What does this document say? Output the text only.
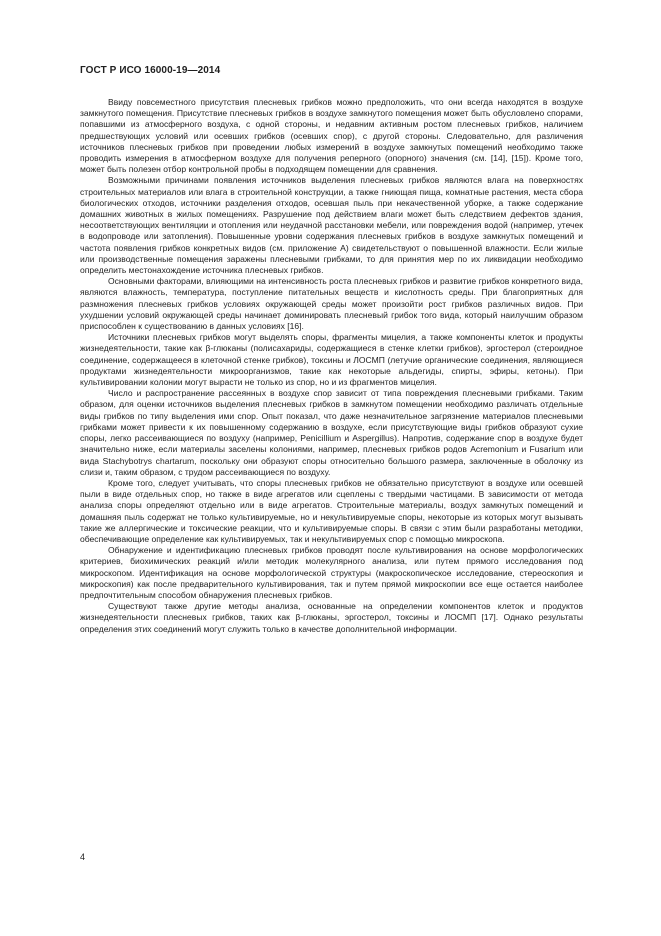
ГОСТ Р ИСО 16000-19—2014

Ввиду повсеместного присутствия плесневых грибков можно предположить, что они всегда находятся в воздухе замкнутого помещения. Присутствие плесневых грибков в воздухе замкнутого помещения может быть обусловлено спорами, попавшими из атмосферного воздуха, с одной стороны, и недавним активным ростом плесневых грибков, наличием предшествующих условий или осевших грибков (осевших спор), с другой стороны. Следовательно, для различения источников плесневых грибков при проведении любых измерений в воздухе замкнутых помещений необходимо также проводить измерения в атмосферном воздухе для получения реперного (опорного) значения (см. [14], [15]). Кроме того, может быть полезен отбор контрольной пробы в подходящем помещении для сравнения.

Возможными причинами появления источников выделения плесневых грибков являются влага на поверхностях строительных материалов или влага в строительной конструкции, а также гниющая пища, комнатные растения, места сбора биологических отходов, источники разделения отходов, осевшая пыль при некачественной уборке, а также содержание домашних животных в жилых помещениях. Разрушение под действием влаги может быть следствием дефектов здания, несоответствующих вентиляции и отопления или неудачной расстановки мебели, или повреждения водой (например, утечек в водопроводе или затопления). Повышенные уровни содержания плесневых грибков в воздухе замкнутых помещений и частота появления грибков конкретных видов (см. приложение А) свидетельствуют о повышенной влажности. Если жилые или производственные помещения заражены плесневыми грибками, то для принятия мер по их ликвидации необходимо определить местонахождение источника плесневых грибков.

Основными факторами, влияющими на интенсивность роста плесневых грибков и развитие грибков конкретного вида, являются влажность, температура, поступление питательных веществ и кислотность среды. При благоприятных для размножения плесневых грибков условиях окружающей среды может произойти рост грибков различных видов. При ухудшении условий окружающей среды начинает доминировать плесневый грибок того вида, который наилучшим образом приспособлен к существованию в данных условиях [16].

Источники плесневых грибков могут выделять споры, фрагменты мицелия, а также компоненты клеток и продукты жизнедеятельности, такие как β-глюканы (полисахариды, содержащиеся в стенке клетки грибков), эргостерол (стероидное соединение, содержащееся в клеточной стенке грибков), токсины и ЛОСМП (летучие органические соединения, являющиеся продуктами жизнедеятельности микроорганизмов, такие как некоторые альдегиды, спирты, эфиры, кетоны). При культивировании колонии могут вырасти не только из спор, но и из фрагментов мицелия.

Число и распространение рассеянных в воздухе спор зависит от типа повреждения плесневыми грибками. Таким образом, для оценки источников выделения плесневых грибков в замкнутом помещении необходимо различать отдельные виды грибков по типу выделения ими спор. Опыт показал, что даже незначительное загрязнение материалов плесневыми грибками может привести к их повышенному содержанию в воздухе, если присутствующие виды грибков образуют сухие споры, легко рассеивающиеся по воздуху (например, Penicillium и Aspergillus). Напротив, содержание спор в воздухе будет значительно ниже, если материалы заселены колониями, например, плесневых грибков родов Acremonium и Fusarium или вида Stachybotrys chartarum, поскольку они образуют споры относительно большого размера, заключенные в оболочку из слизи и, таким образом, с трудом рассеивающиеся по воздуху.

Кроме того, следует учитывать, что споры плесневых грибков не обязательно присутствуют в воздухе или осевшей пыли в виде отдельных спор, но также в виде агрегатов или сцеплены с твердыми частицами. В зависимости от метода анализа споры определяют отдельно или в виде агрегатов. Строительные материалы, воздух замкнутых помещений и домашняя пыль содержат не только культивируемые, но и некультивируемые споры, некоторые из которых могут вызывать такие же аллергические и токсические реакции, что и культивируемые споры. В связи с этим были разработаны методики, обеспечивающие определение как культивируемых, так и некультивируемых спор с помощью микроскопа.

Обнаружение и идентификацию плесневых грибков проводят после культивирования на основе морфологических критериев, биохимических реакций и/или методик молекулярного анализа, или путем прямого исследования под микроскопом. Идентификация на основе морфологической структуры (макроскопическое исследование, стереоскопия и микроскопия) как после предварительного культивирования, так и путем прямой микроскопии все еще остается наиболее предпочтительным способом обнаружения плесневых грибков.

Существуют также другие методы анализа, основанные на определении компонентов клеток и продуктов жизнедеятельности плесневых грибков, таких как β-глюканы, эргостерол, токсины и ЛОСМП [17]. Однако результаты определения этих соединений могут служить только в качестве дополнительной информации.

4
